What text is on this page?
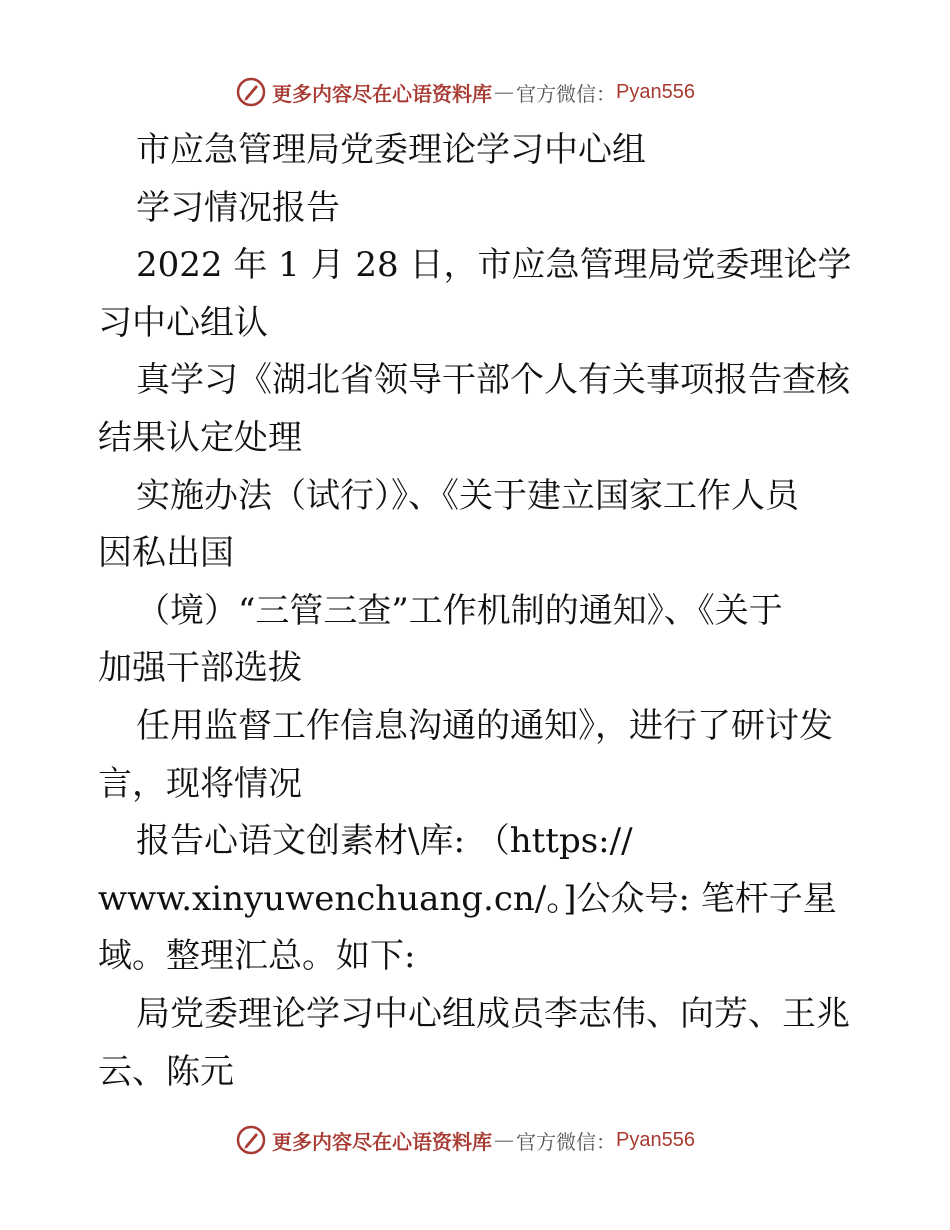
更多内容尽在心语资料库 — 官方微信： Pyan556
市应急管理局党委理论学习中心组
学习情况报告
2022 年 1 月 28 日，市应急管理局党委理论学
习中心组认
真学习《湖北省领导干部个人有关事项报告查核
结果认定处理
实施办法（试行）》、《关于建立国家工作人员
因私出国
（境）“三管三查”工作机制的通知》、《关于
加强干部选拔
任用监督工作信息沟通的通知》，进行了研讨发
言，现将情况
报告心语文创素材\库: （https://
www.xinyuwenchuang.cn/。]公众号: 笔杆子星
域。整理汇总。如下:
局党委理论学习中心组成员李志伟、向芳、王兆
云、陈元
更多内容尽在心语资料库 — 官方微信： Pyan556
